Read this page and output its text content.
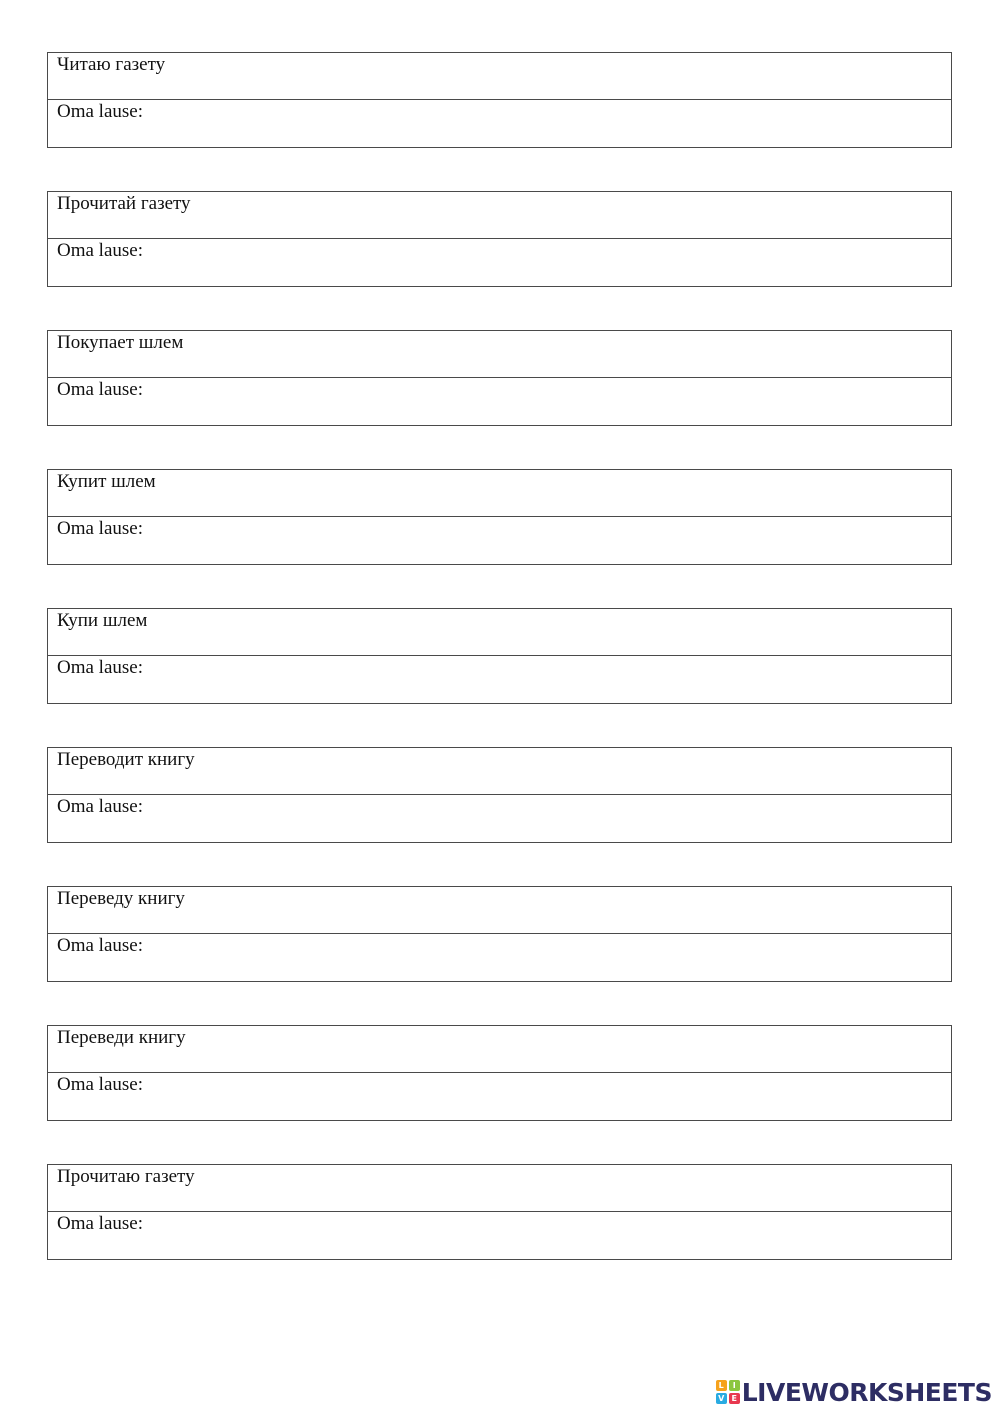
Читаю газету
Oma lause:
Прочитай газету
Oma lause:
Покупает шлем
Oma lause:
Купит шлем
Oma lause:
Купи шлем
Oma lause:
Переводит книгу
Oma lause:
Переведу книгу
Oma lause:
Переведи книгу
Oma lause:
Прочитаю газету
Oma lause:
L	I
V E LIVEWORKSHEETS
